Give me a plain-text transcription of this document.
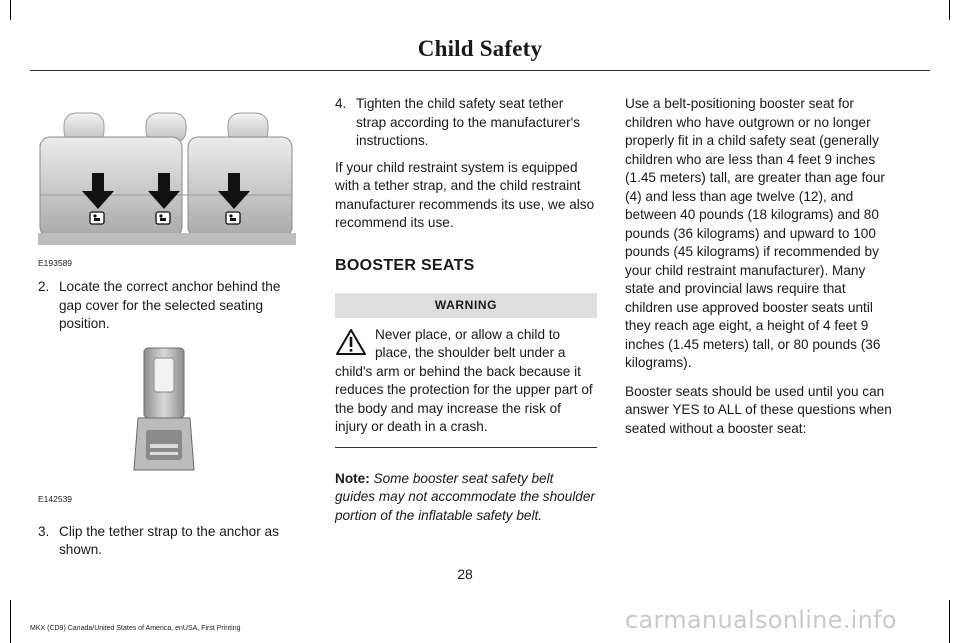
Child Safety
E193589
2. Locate the correct anchor behind the gap cover for the selected seating position.
E142539
3. Clip the tether strap to the anchor as shown.
4. Tighten the child safety seat tether strap according to the manufacturer's instructions.

If your child restraint system is equipped with a tether strap, and the child restraint manufacturer recommends its use, we also recommend its use.

BOOSTER SEATS
WARNING
Never place, or allow a child to place, the shoulder belt under a child's arm or behind the back because it reduces the protection for the upper part of the body and may increase the risk of injury or death in a crash.

Note: Some booster seat safety belt guides may not accommodate the shoulder portion of the inflatable safety belt.

Use a belt-positioning booster seat for children who have outgrown or no longer properly fit in a child safety seat (generally children who are less than 4 feet 9 inches (1.45 meters) tall, are greater than age four (4) and less than age twelve (12), and between 40 pounds (18 kilograms) and 80 pounds (36 kilograms) and upward to 100 pounds (45 kilograms) if recommended by your child restraint manufacturer). Many state and provincial laws require that children use approved booster seats until they reach age eight, a height of 4 feet 9 inches (1.45 meters) tall, or 80 pounds (36 kilograms).

Booster seats should be used until you can answer YES to ALL of these questions when seated without a booster seat:

28
MKX (CD9) Canada/United States of America, enUSA, First Printing	carmanualsonline.info
